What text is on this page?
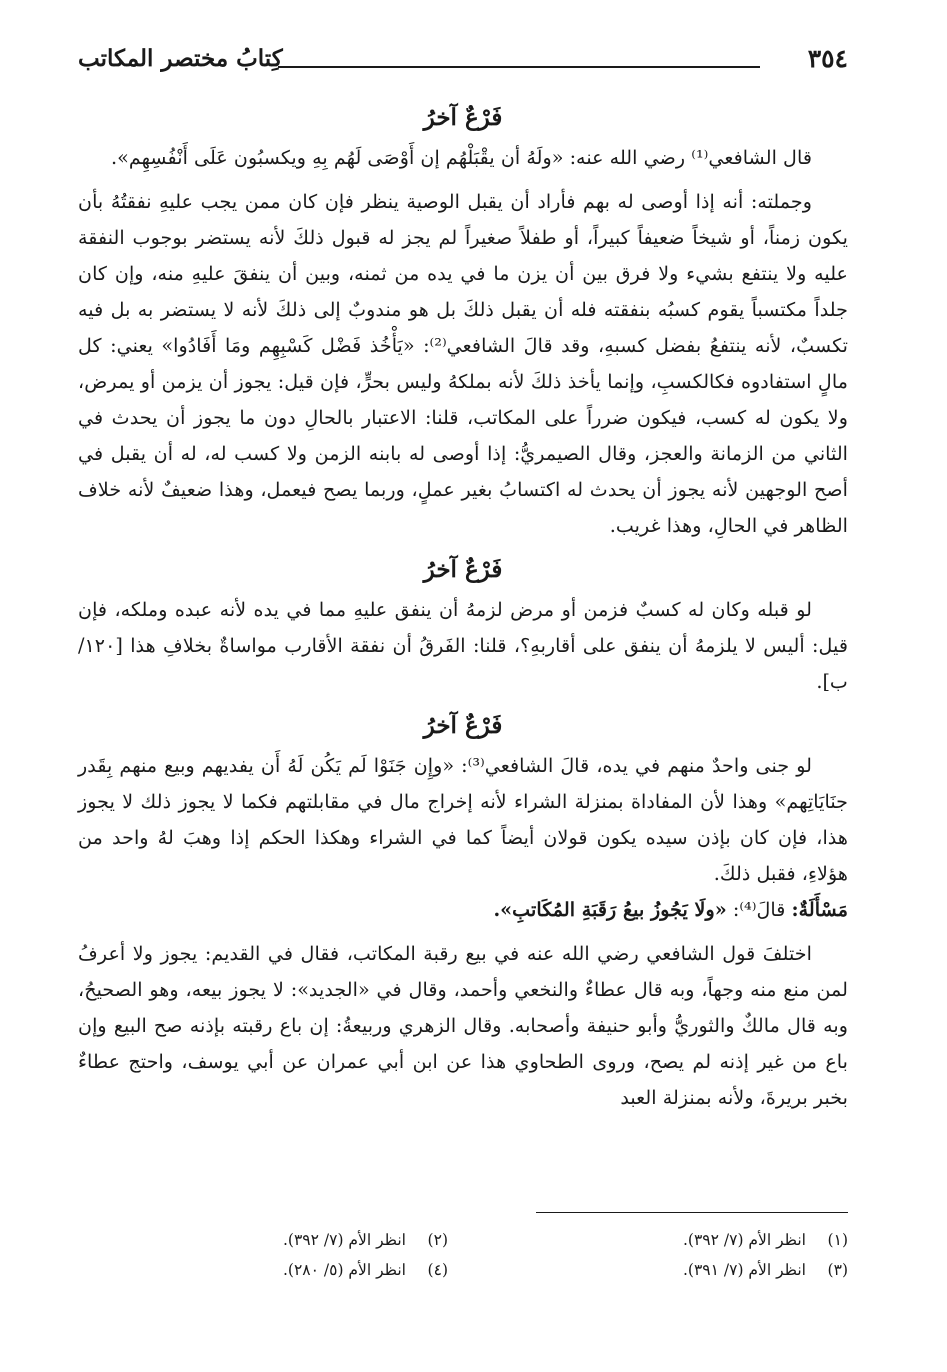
٣٥٤
كِتابُ مختصر المكاتب
فَرْعٌ آخرُ

قال الشافعي⁽¹⁾ رضي الله عنه: «ولَهُ أن يقْبَلْهُم إن أَوْصَى لَهُم بِهِ ويكسبُون عَلَى أَنْفُسِهِم».

وجملته: أنه إذا أوصى له بهم فأراد أن يقبل الوصية ينظر فإن كان ممن يجب عليهِ نفقتُهُ بأن يكون زمناً، أو شيخاً ضعيفاً كبيراً، أو طفلاً صغيراً لم يجز له قبول ذلكَ لأنه يستضر بوجوب النفقة عليه ولا ينتفع بشيء ولا فرق بين أن يزن ما في يده من ثمنه، وبين أن ينفقَ عليهِ منه، وإن كان جلداً مكتسباً يقوم كسبُه بنفقته فله أن يقبل ذلكَ بل هو مندوبٌ إلى ذلكَ لأنه لا يستضر به بل فيه تكسبٌ، لأنه ينتفعُ بفضل كسبهِ، وقد قالَ الشافعي⁽²⁾: «يَأْخُذ فَضْل كَسْبِهِم ومَا أَفَادُوا» يعني: كل مالٍ استفادوه فكالكسبِ، وإنما يأخذ ذلكَ لأنه بملكهُ وليس بحرٍّ، فإن قيل: يجوز أن يزمن أو يمرض، ولا يكون له كسب، فيكون ضرراً على المكاتب، قلنا: الاعتبار بالحالِ دون ما يجوز أن يحدث في الثاني من الزمانة والعجز، وقال الصيمريُّ: إذا أوصى له بابنه الزمن ولا كسب له، له أن يقبل في أصح الوجهين لأنه يجوز أن يحدث له اكتسابُ بغير عملٍ، وربما يصح فيعمل، وهذا ضعيفٌ لأنه خلاف الظاهر في الحالِ، وهذا غريب.

فَرْعٌ آخرُ

لو قبله وكان له كسبٌ فزمن أو مرض لزمهُ أن ينفق عليهِ مما في يده لأنه عبده وملكه، فإن قيل: أليس لا يلزمهُ أن ينفق على أقاربهِ؟، قلنا: الفَرقُ أن نفقة الأقارب مواساةٌ بخلافِ هذا [١٢٠/ب].

فَرْعٌ آخرُ

لو جنى واحدٌ منهم في يده، قالَ الشافعي⁽³⁾: «وإِن جَنَوْا لَم يَكُن لَهُ أَن يفديهم وبيع منهم بِقَدر جنَايَاتِهم» وهذا لأن المفاداة بمنزلة الشراء لأنه إخراج مال في مقابلتهم فكما لا يجوز ذلك لا يجوز هذا، فإن كان بإذن سيده يكون قولان أيضاً كما في الشراء وهكذا الحكم إذا وهبَ لهُ واحد من هؤلاءِ، فقبل ذلكَ.

مَسْأَلَةٌ: قالَ⁽⁴⁾: «ولَا يَجُوزُ بيعُ رَقَبَةِ المُكَاتبِ».

اختلفَ قول الشافعي رضي الله عنه في بيع رقبة المكاتب، فقال في القديم: يجوز ولا أعرفُ لمن منع منه وجهاً، وبه قال عطاءٌ والنخعي وأحمد، وقال في «الجديد»: لا يجوز بيعه، وهو الصحيحُ، وبه قال مالكٌ والثوريُّ وأبو حنيفة وأصحابه. وقال الزهري وربيعةُ: إن باع رقبته بإذنه صح البيع وإن باع من غير إذنه لم يصح، وروى الطحاوي هذا عن ابن أبي عمران عن أبي يوسف، واحتج عطاءٌ بخبر بريرةَ، ولأنه بمنزلة العبد

(١)
انظر الأم (٧/ ٣٩٢).
(٢)
انظر الأم (٧/ ٣٩٢).
(٣)
انظر الأم (٧/ ٣٩١).
(٤)
انظر الأم (٥/ ٢٨٠).
